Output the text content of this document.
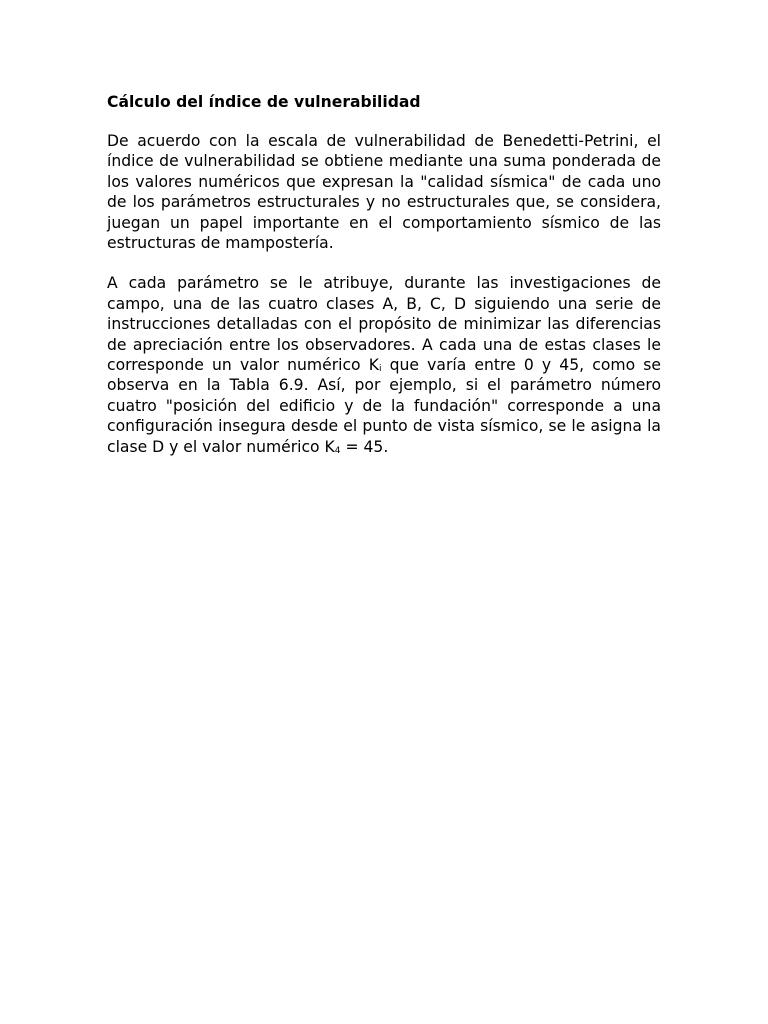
Cálculo del índice de vulnerabilidad

De acuerdo con la escala de vulnerabilidad de Benedetti-Petrini, el índice de vulnerabilidad se obtiene mediante una suma ponderada de los valores numéricos que expresan la "calidad sísmica" de cada uno de los parámetros estructurales y no estructurales que, se considera, juegan un papel importante en el comportamiento sísmico de las estructuras de mampostería.

A cada parámetro se le atribuye, durante las investigaciones de campo, una de las cuatro clases A, B, C, D siguiendo una serie de instrucciones detalladas con el propósito de minimizar las diferencias de apreciación entre los observadores. A cada una de estas clases le corresponde un valor numérico $K_i$ que varía entre 0 y 45, como se observa en la Tabla 6.9. Así, por ejemplo, si el parámetro número cuatro "posición del edificio y de la fundación" corresponde a una configuración insegura desde el punto de vista sísmico, se le asigna la clase D y el valor numérico $K_4 = 45$.
